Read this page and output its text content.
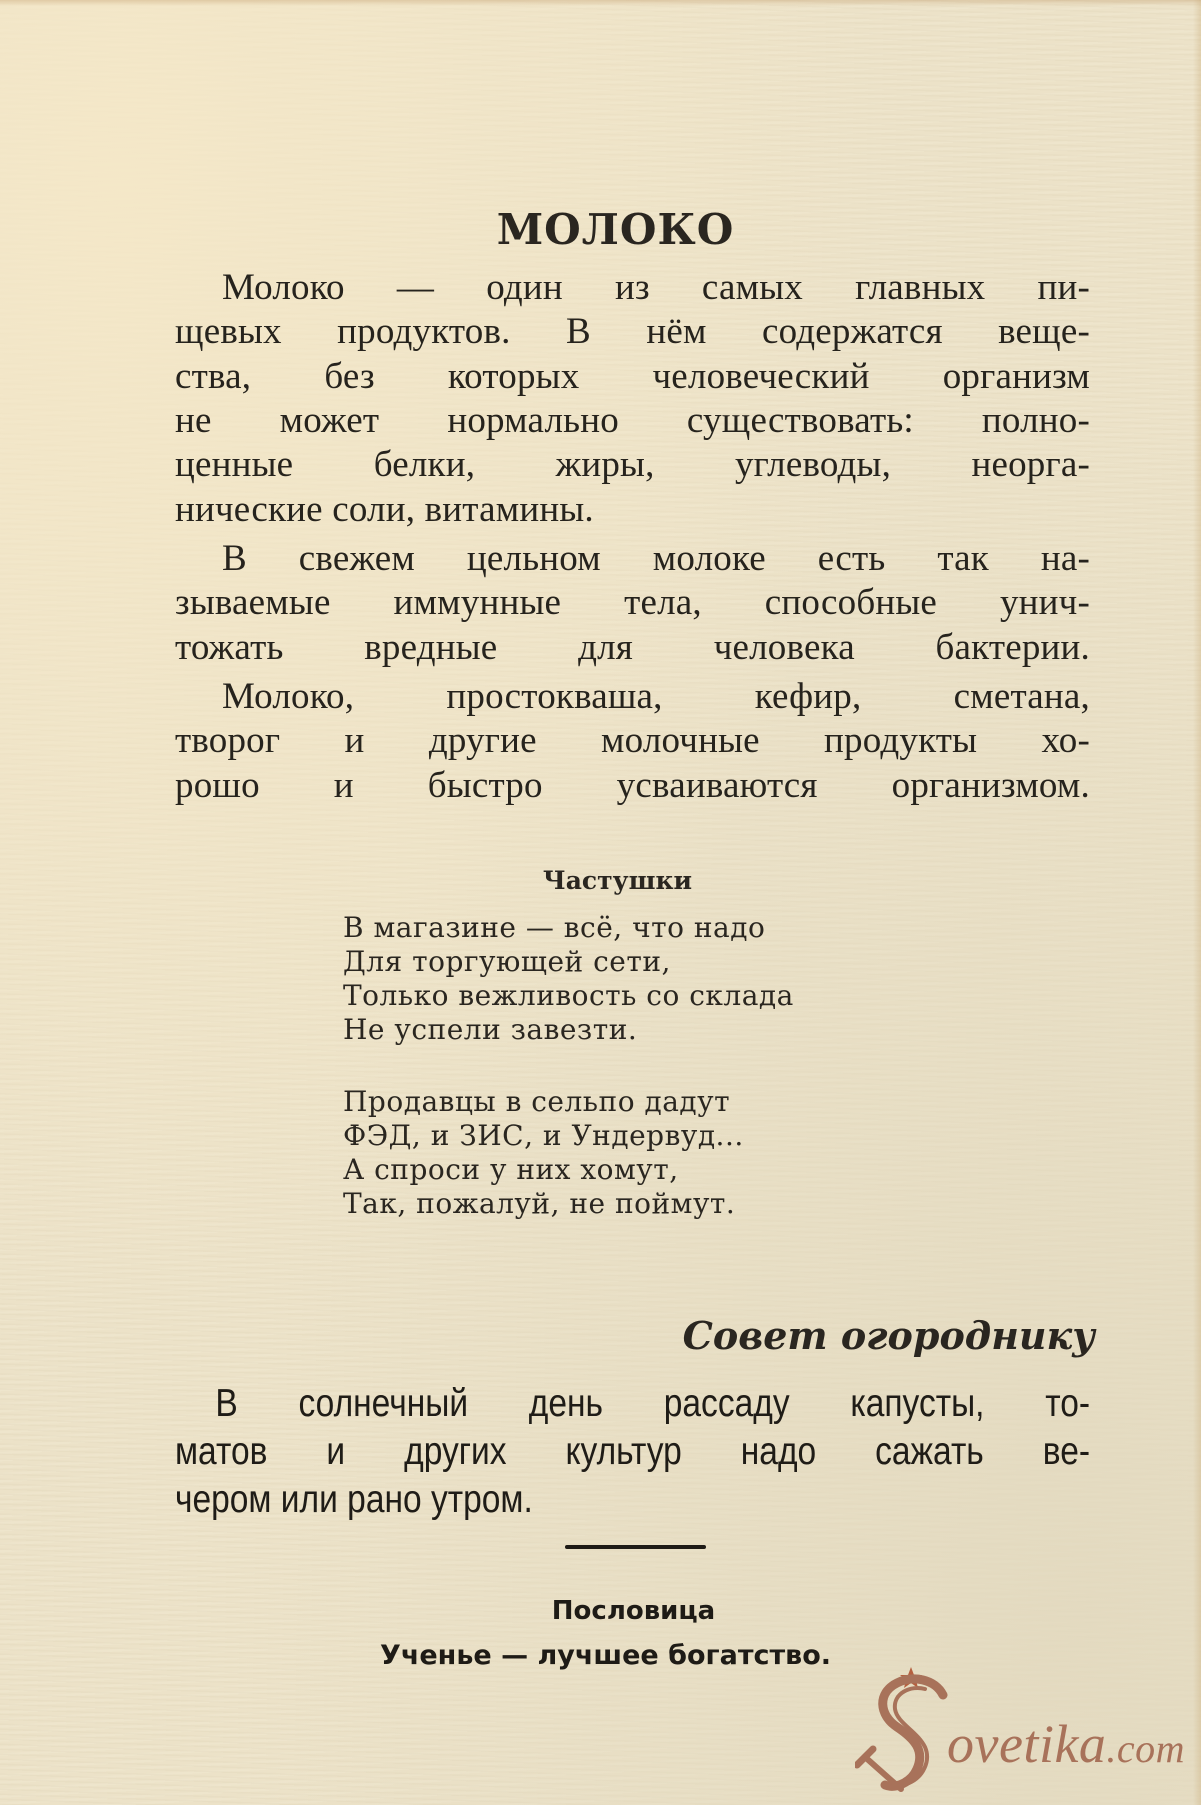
МОЛОКО
Молоко — один из самых главных пи-
щевых продуктов. В нём содержатся веще-
ства, без которых человеческий организм
не может нормально существовать: полно-
ценные белки, жиры, углеводы, неорга-
нические соли, витамины.
В свежем цельном молоке есть так на-
зываемые иммунные тела, способные унич-
тожать вредные для человека бактерии.
Молоко, простокваша, кефир, сметана,
творог и другие молочные продукты хо-
рошо и быстро усваиваются организмом.
Частушки
В магазине — всё, что надо
Для торгующей сети,
Только вежливость со склада
Не успели завезти.
Продавцы в сельпо дадут
ФЭД, и ЗИС, и Ундервуд...
А спроси у них хомут,
Так, пожалуй, не поймут.
Совет огороднику
В солнечный день рассаду капусты, то-
матов и других культур надо сажать ве-
чером или рано утром.
Пословица
Ученье — лучшее богатство.
ovetika.com
